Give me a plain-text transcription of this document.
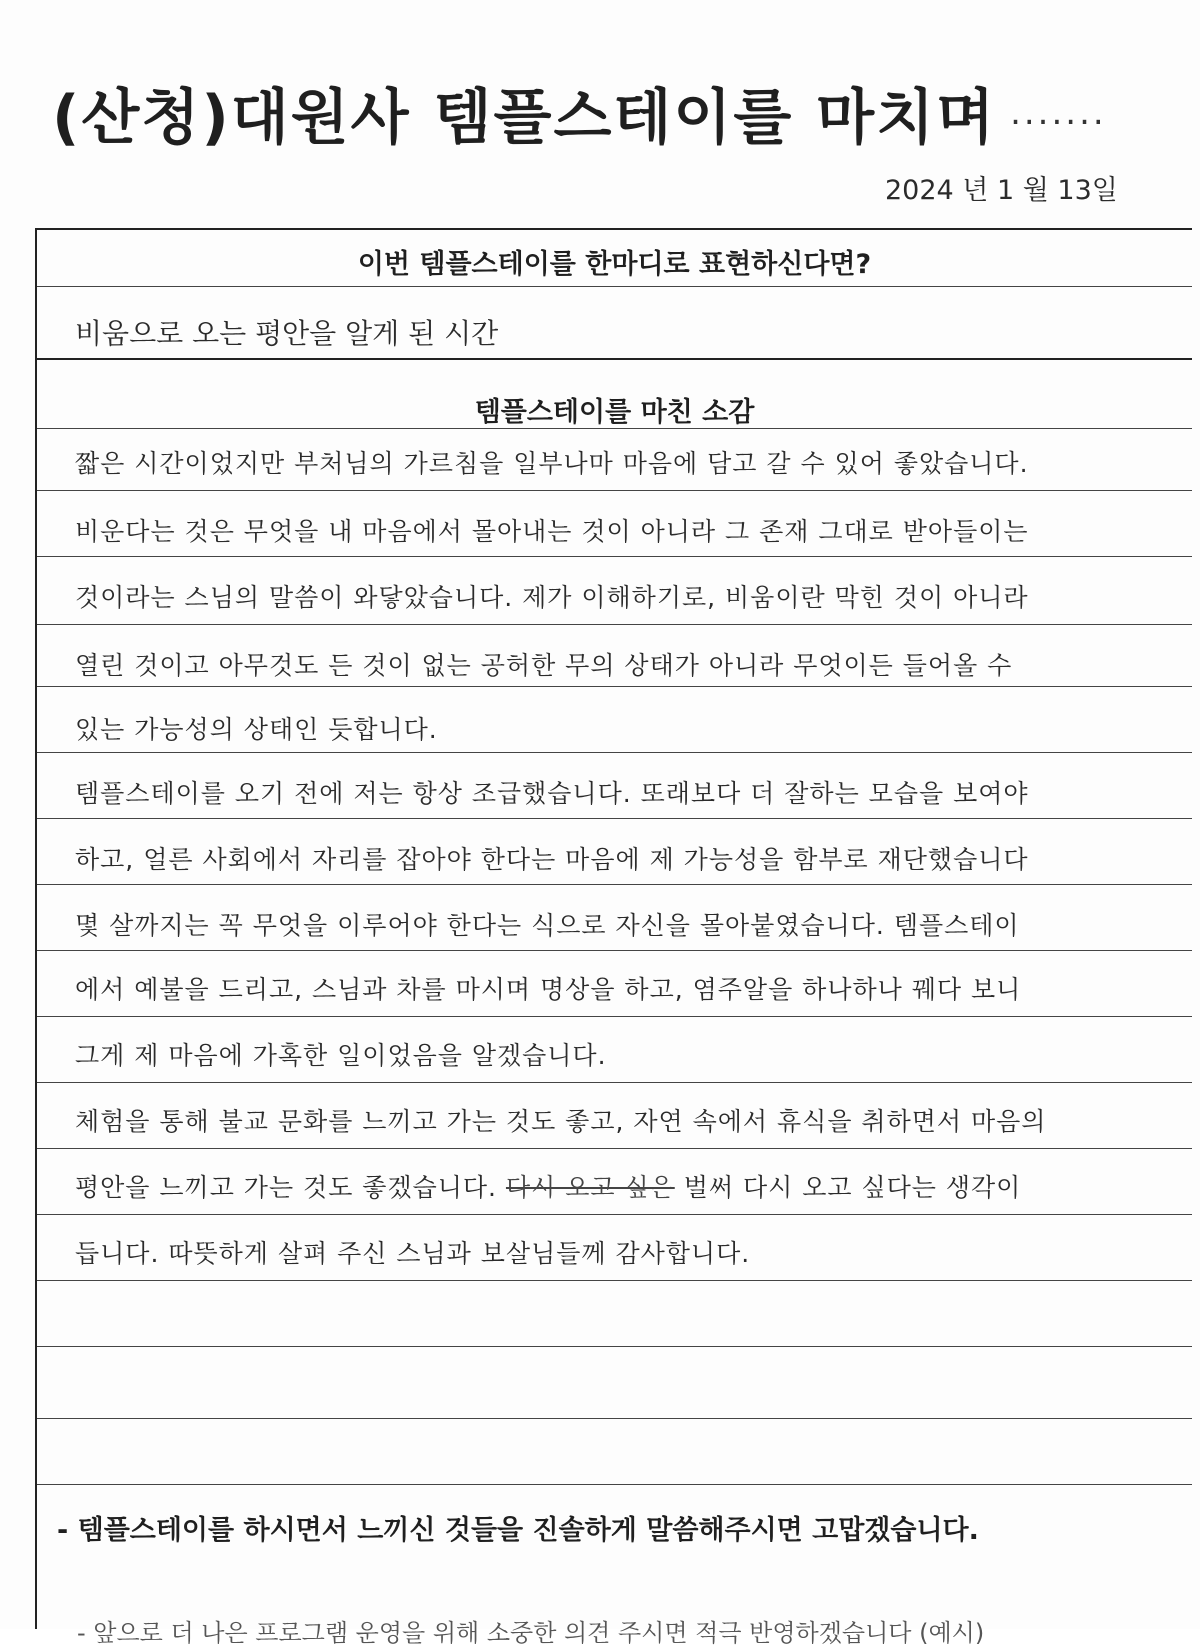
(산청)대원사 템플스테이를 마치며 .......
2024 년 1 월 13일
이번 템플스테이를 한마디로 표현하신다면?
비움으로 오는 평안을 알게 된 시간
템플스테이를 마친 소감
짧은 시간이었지만 부처님의 가르침을 일부나마 마음에 담고 갈 수 있어 좋았습니다.
비운다는 것은 무엇을 내 마음에서 몰아내는 것이 아니라 그 존재 그대로 받아들이는
것이라는 스님의 말씀이 와닿았습니다. 제가 이해하기로, 비움이란 막힌 것이 아니라
열린 것이고 아무것도 든 것이 없는 공허한 무의 상태가 아니라 무엇이든 들어올 수
있는 가능성의 상태인 듯합니다.
템플스테이를 오기 전에 저는 항상 조급했습니다. 또래보다 더 잘하는 모습을 보여야
하고, 얼른 사회에서 자리를 잡아야 한다는 마음에 제 가능성을 함부로 재단했습니다
몇 살까지는 꼭 무엇을 이루어야 한다는 식으로 자신을 몰아붙였습니다. 템플스테이
에서 예불을 드리고, 스님과 차를 마시며 명상을 하고, 염주알을 하나하나 꿰다 보니
그게 제 마음에 가혹한 일이었음을 알겠습니다.
체험을 통해 불교 문화를 느끼고 가는 것도 좋고, 자연 속에서 휴식을 취하면서 마음의
평안을 느끼고 가는 것도 좋겠습니다. 다시 오고 싶은 벌써 다시 오고 싶다는 생각이
듭니다. 따뜻하게 살펴 주신 스님과 보살님들께 감사합니다.
- 템플스테이를 하시면서 느끼신 것들을 진솔하게 말씀해주시면 고맙겠습니다.
- 앞으로 더 나은 프로그램 운영을 위해 소중한 의견 주시면 적극 반영하겠습니다 (예시)
